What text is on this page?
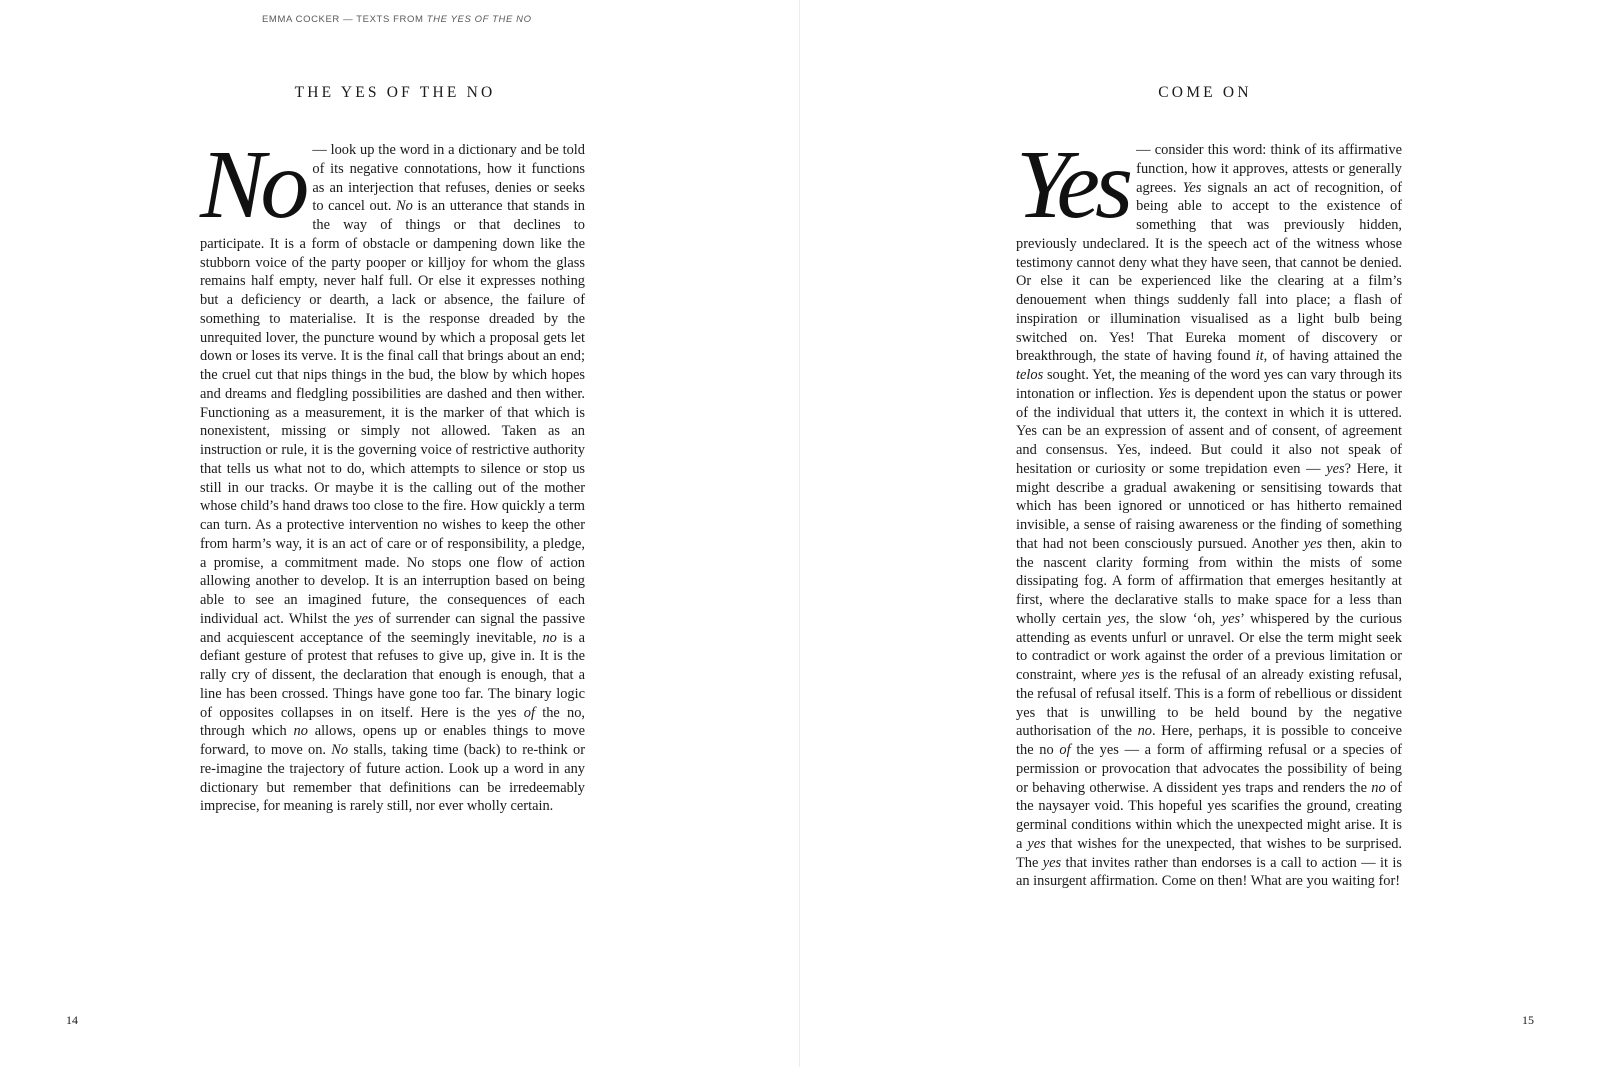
EMMA COCKER — TEXTS FROM THE YES OF THE NO
THE YES OF THE NO

No — look up the word in a dictionary and be told of its negative connotations, how it functions as an interjection that refuses, denies or seeks to cancel out. No is an utterance that stands in the way of things or that declines to participate. It is a form of obstacle or dampening down like the stubborn voice of the party pooper or killjoy for whom the glass remains half empty, never half full. Or else it expresses nothing but a deficiency or dearth, a lack or absence, the failure of something to materialise. It is the response dreaded by the unrequited lover, the puncture wound by which a proposal gets let down or loses its verve. It is the final call that brings about an end; the cruel cut that nips things in the bud, the blow by which hopes and dreams and fledgling possibilities are dashed and then wither. Functioning as a measurement, it is the marker of that which is nonexistent, missing or simply not allowed. Taken as an instruction or rule, it is the governing voice of restrictive authority that tells us what not to do, which attempts to silence or stop us still in our tracks. Or maybe it is the calling out of the mother whose child’s hand draws too close to the fire. How quickly a term can turn. As a protective intervention no wishes to keep the other from harm’s way, it is an act of care or of responsibility, a pledge, a promise, a commitment made. No stops one flow of action allowing another to develop. It is an interruption based on being able to see an imagined future, the consequences of each individual act. Whilst the yes of surrender can signal the passive and acquiescent acceptance of the seemingly inevitable, no is a defiant gesture of protest that refuses to give up, give in. It is the rally cry of dissent, the declaration that enough is enough, that a line has been crossed. Things have gone too far. The binary logic of opposites collapses in on itself. Here is the yes of the no, through which no allows, opens up or enables things to move forward, to move on. No stalls, taking time (back) to re-think or re-imagine the trajectory of future action. Look up a word in any dictionary but remember that definitions can be irredeemably imprecise, for meaning is rarely still, nor ever wholly certain.

14
COME ON

Yes — consider this word: think of its affirmative function, how it approves, attests or generally agrees. Yes signals an act of recognition, of being able to accept to the existence of something that was previously hidden, previously undeclared. It is the speech act of the witness whose testimony cannot deny what they have seen, that cannot be denied. Or else it can be experienced like the clearing at a film’s denouement when things suddenly fall into place; a flash of inspiration or illumination visualised as a light bulb being switched on. Yes! That Eureka moment of discovery or breakthrough, the state of having found it, of having attained the telos sought. Yet, the meaning of the word yes can vary through its intonation or inflection. Yes is dependent upon the status or power of the individual that utters it, the context in which it is uttered. Yes can be an expression of assent and of consent, of agreement and consensus. Yes, indeed. But could it also not speak of hesitation or curiosity or some trepidation even — yes? Here, it might describe a gradual awakening or sensitising towards that which has been ignored or unnoticed or has hitherto remained invisible, a sense of raising awareness or the finding of something that had not been consciously pursued. Another yes then, akin to the nascent clarity forming from within the mists of some dissipating fog. A form of affirmation that emerges hesitantly at first, where the declarative stalls to make space for a less than wholly certain yes, the slow ‘oh, yes’ whispered by the curious attending as events unfurl or unravel. Or else the term might seek to contradict or work against the order of a previous limitation or constraint, where yes is the refusal of an already existing refusal, the refusal of refusal itself. This is a form of rebellious or dissident yes that is unwilling to be held bound by the negative authorisation of the no. Here, perhaps, it is possible to conceive the no of the yes — a form of affirming refusal or a species of permission or provocation that advocates the possibility of being or behaving otherwise. A dissident yes traps and renders the no of the naysayer void. This hopeful yes scarifies the ground, creating germinal conditions within which the unexpected might arise. It is a yes that wishes for the unexpected, that wishes to be surprised. The yes that invites rather than endorses is a call to action — it is an insurgent affirmation. Come on then! What are you waiting for!

15
